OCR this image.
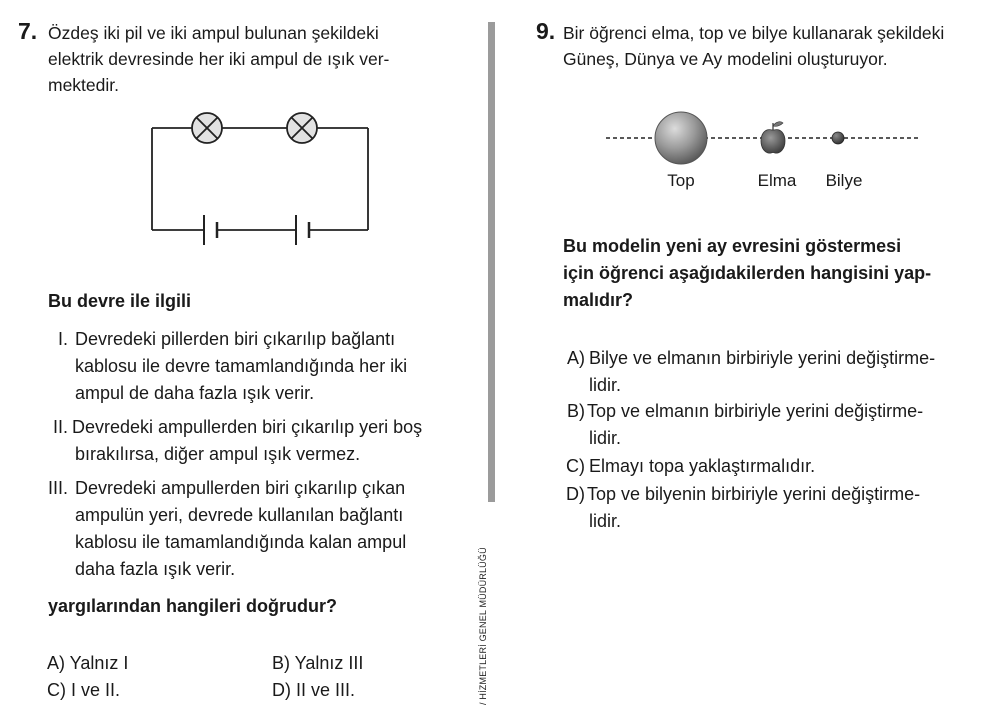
7. Özdeş iki pil ve iki ampul bulunan şekildeki
elektrik devresinde her iki ampul de ışık ver-
mektedir.
Bu devre ile ilgili
I. Devredeki pillerden biri çıkarılıp bağlantı
kablosu ile devre tamamlandığında her iki
ampul de daha fazla ışık verir.
II. Devredeki ampullerden biri çıkarılıp yeri boş
bırakılırsa, diğer ampul ışık vermez.
III. Devredeki ampullerden biri çıkarılıp çıkan
ampulün yeri, devrede kullanılan bağlantı
kablosu ile tamamlandığında kalan ampul
daha fazla ışık verir.
yargılarından hangileri doğrudur?
A) Yalnız I	B) Yalnız III
C) I ve II.	D) II ve III.	/ HİZMETLERİ GENEL MÜDÜRLÜĞÜ
9. Bir öğrenci elma, top ve bilye kullanarak şekildeki
Güneş, Dünya ve Ay modelini oluşturuyor.
Top	Elma Bilye
Bu modelin yeni ay evresini göstermesi
için öğrenci aşağıdakilerden hangisini yap-
malıdır?
A) Bilye ve elmanın birbiriyle yerini değiştirme-
lidir.
B) Top ve elmanın birbiriyle yerini değiştirme-
lidir.
C) Elmayı topa yaklaştırmalıdır.
D) Top ve bilyenin birbiriyle yerini değiştirme-
lidir.
